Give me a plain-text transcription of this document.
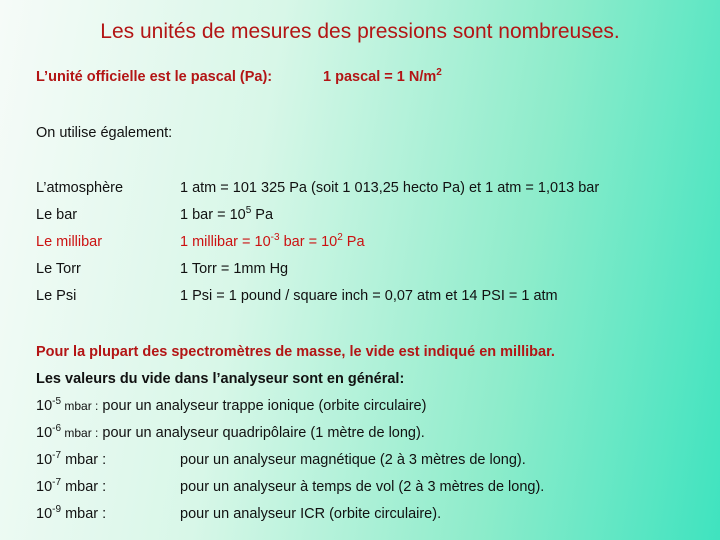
Les unités de mesures des pressions sont nombreuses.
L’unité officielle est le pascal (Pa):	1 pascal = 1 $N/m^2$
On utilise également:
L’atmosphère	1 atm = 101 325 Pa (soit 1 013,25 hecto Pa) et 1 atm = 1,013 bar
Le bar	1 bar = $10^5$ Pa
Le millibar	1 millibar = $10^{-3}$ bar = $10^2$ Pa
Le Torr	1 Torr = 1mm Hg
Le Psi	1 Psi = 1 pound / square inch = 0,07 atm et 14 PSI = 1 atm
Pour la plupart des spectromètres de masse, le vide est indiqué en millibar.
Les valeurs du vide dans l’analyseur sont en général:
$10^{-5}$ mbar : pour un analyseur trappe ionique (orbite circulaire)
$10^{-6}$ mbar : pour un analyseur quadripôlaire (1 mètre de long).
$10^{-7}$ mbar :	pour un analyseur magnétique (2 à 3 mètres de long).
$10^{-7}$ mbar :	pour un analyseur à temps de vol (2 à 3 mètres de long).
$10^{-9}$ mbar :	pour un analyseur ICR (orbite circulaire).
